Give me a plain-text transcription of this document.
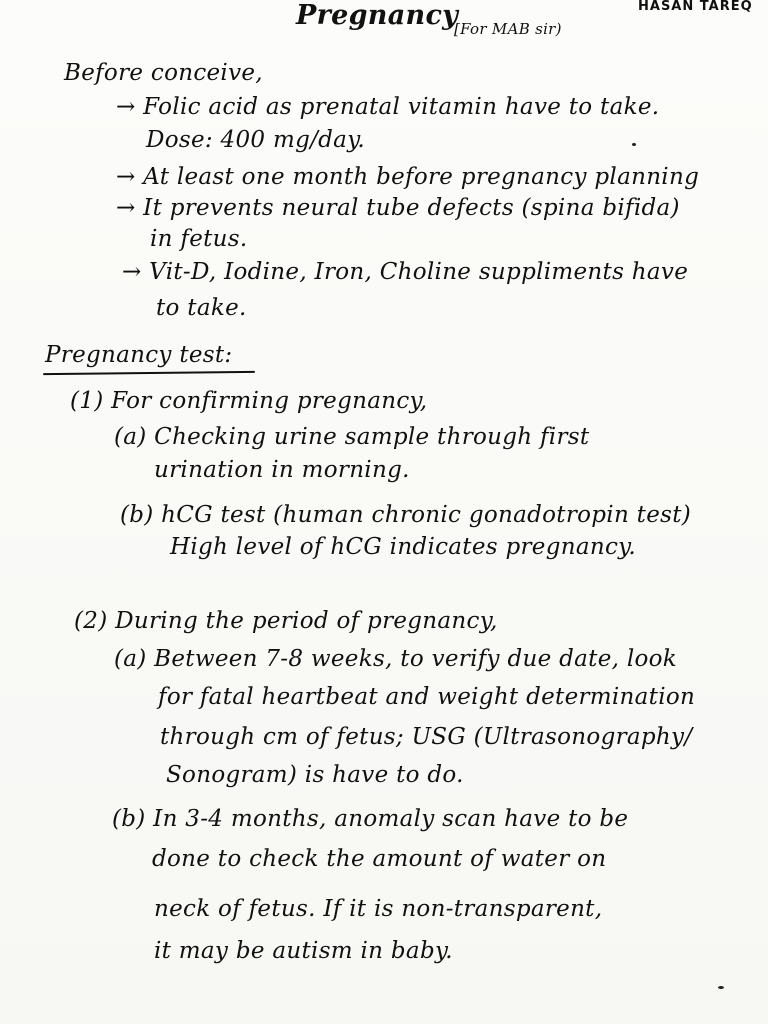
Pregnancy
[For MAB sir)
HASAN TAREQ
Before conceive,
→ Folic acid as prenatal vitamin have to take.
Dose: 400 mg/day.
→ At least one month before pregnancy planning
→ It prevents neural tube defects (spina bifida)
in fetus.
→ Vit-D, Iodine, Iron, Choline suppliments have
to take.
Pregnancy test:
(1) For confirming pregnancy,
(a) Checking urine sample through first
urination in morning.
(b) hCG test (human chronic gonadotropin test)
High level of hCG indicates pregnancy.
(2) During the period of pregnancy,
(a) Between 7-8 weeks, to verify due date, look
for fatal heartbeat and weight determination
through cm of fetus; USG (Ultrasonography/
Sonogram) is have to do.
(b) In 3-4 months, anomaly scan have to be
done to check the amount of water on
neck of fetus. If it is non-transparent,
it may be autism in baby.
